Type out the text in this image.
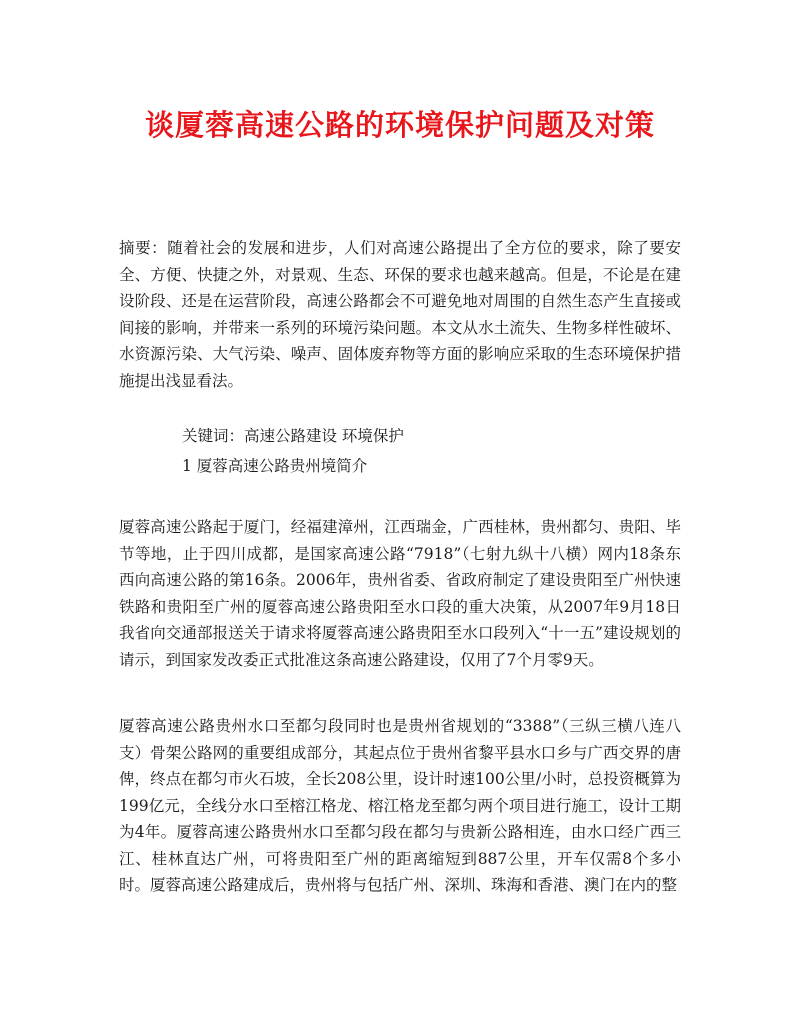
谈厦蓉高速公路的环境保护问题及对策

摘要：随着社会的发展和进步，人们对高速公路提出了全方位的要求，除了要安全、方便、快捷之外，对景观、生态、环保的要求也越来越高。但是，不论是在建设阶段、还是在运营阶段，高速公路都会不可避免地对周围的自然生态产生直接或间接的影响，并带来一系列的环境污染问题。本文从水土流失、生物多样性破坏、水资源污染、大气污染、噪声、固体废弃物等方面的影响应采取的生态环境保护措施提出浅显看法。

关键词：高速公路建设 环境保护

1 厦蓉高速公路贵州境简介

厦蓉高速公路起于厦门，经福建漳州，江西瑞金，广西桂林，贵州都匀、贵阳、毕节等地，止于四川成都，是国家高速公路“7918”（七射九纵十八横）网内18条东西向高速公路的第16条。2006年，贵州省委、省政府制定了建设贵阳至广州快速铁路和贵阳至广州的厦蓉高速公路贵阳至水口段的重大决策，从2007年9月18日我省向交通部报送关于请求将厦蓉高速公路贵阳至水口段列入“十一五”建设规划的请示，到国家发改委正式批准这条高速公路建设，仅用了7个月零9天。

厦蓉高速公路贵州水口至都匀段同时也是贵州省规划的“3388”（三纵三横八连八支）骨架公路网的重要组成部分，其起点位于贵州省黎平县水口乡与广西交界的唐俾，终点在都匀市火石坡，全长208公里，设计时速100公里/小时，总投资概算为199亿元，全线分水口至榕江格龙、榕江格龙至都匀两个项目进行施工，设计工期为4年。厦蓉高速公路贵州水口至都匀段在都匀与贵新公路相连，由水口经广西三江、桂林直达广州，可将贵阳至广州的距离缩短到887公里，开车仅需8个多小时。厦蓉高速公路建成后，贵州将与包括广州、深圳、珠海和香港、澳门在内的整
